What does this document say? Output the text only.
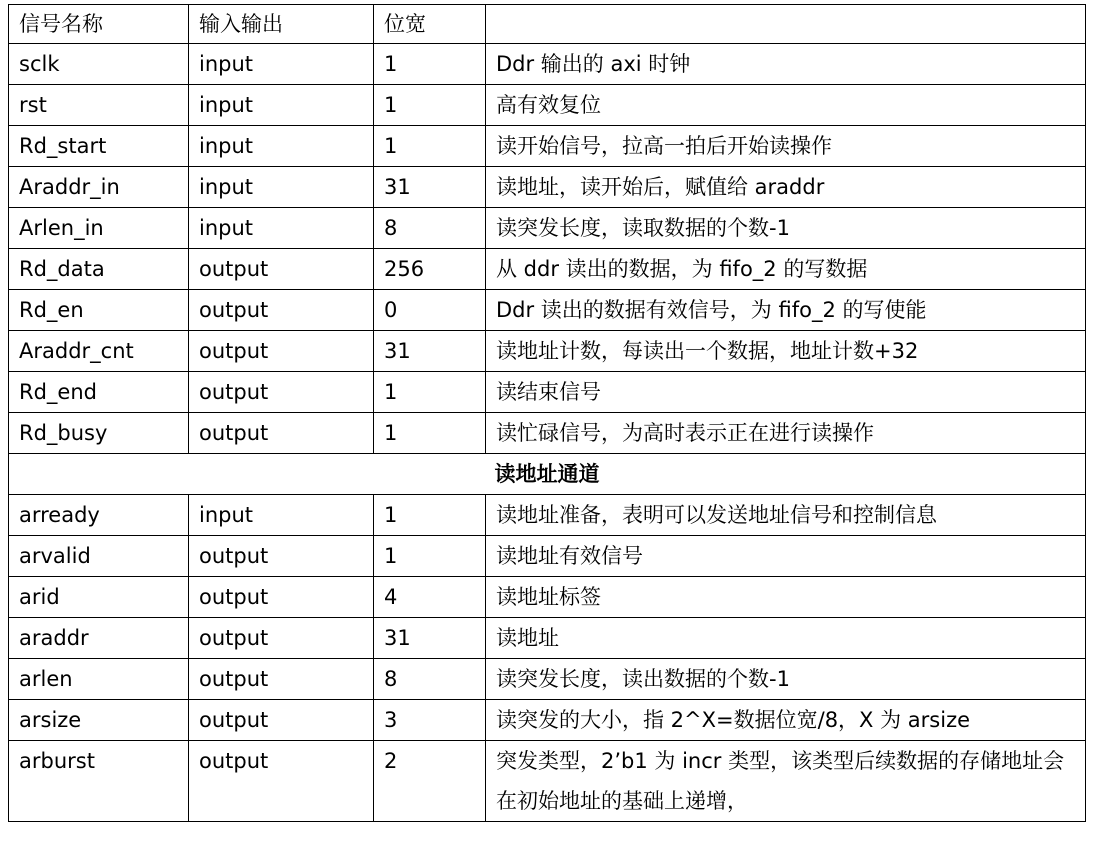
信号名称	输入输出	位宽	
sclk	input	1	Ddr 输出的 axi 时钟
rst	input	1	高有效复位
Rd_start	input	1	读开始信号，拉高一拍后开始读操作
Araddr_in	input	31	读地址，读开始后，赋值给 araddr
Arlen_in	input	8	读突发长度，读取数据的个数-1
Rd_data	output	256	从 ddr 读出的数据，为 fifo_2 的写数据
Rd_en	output	0	Ddr 读出的数据有效信号，为 fifo_2 的写使能
Araddr_cnt	output	31	读地址计数，每读出一个数据，地址计数+32
Rd_end	output	1	读结束信号
Rd_busy	output	1	读忙碌信号，为高时表示正在进行读操作
读地址通道			
arready	input	1	读地址准备，表明可以发送地址信号和控制信息
arvalid	output	1	读地址有效信号
arid	output	4	读地址标签
araddr	output	31	读地址
arlen	output	8	读突发长度，读出数据的个数-1
arsize	output	3	读突发的大小，指 2^X=数据位宽/8，X 为 arsize
arburst	output	2	突发类型，2’b1 为 incr 类型，该类型后续数据的存储地址会在初始地址的基础上递增，
